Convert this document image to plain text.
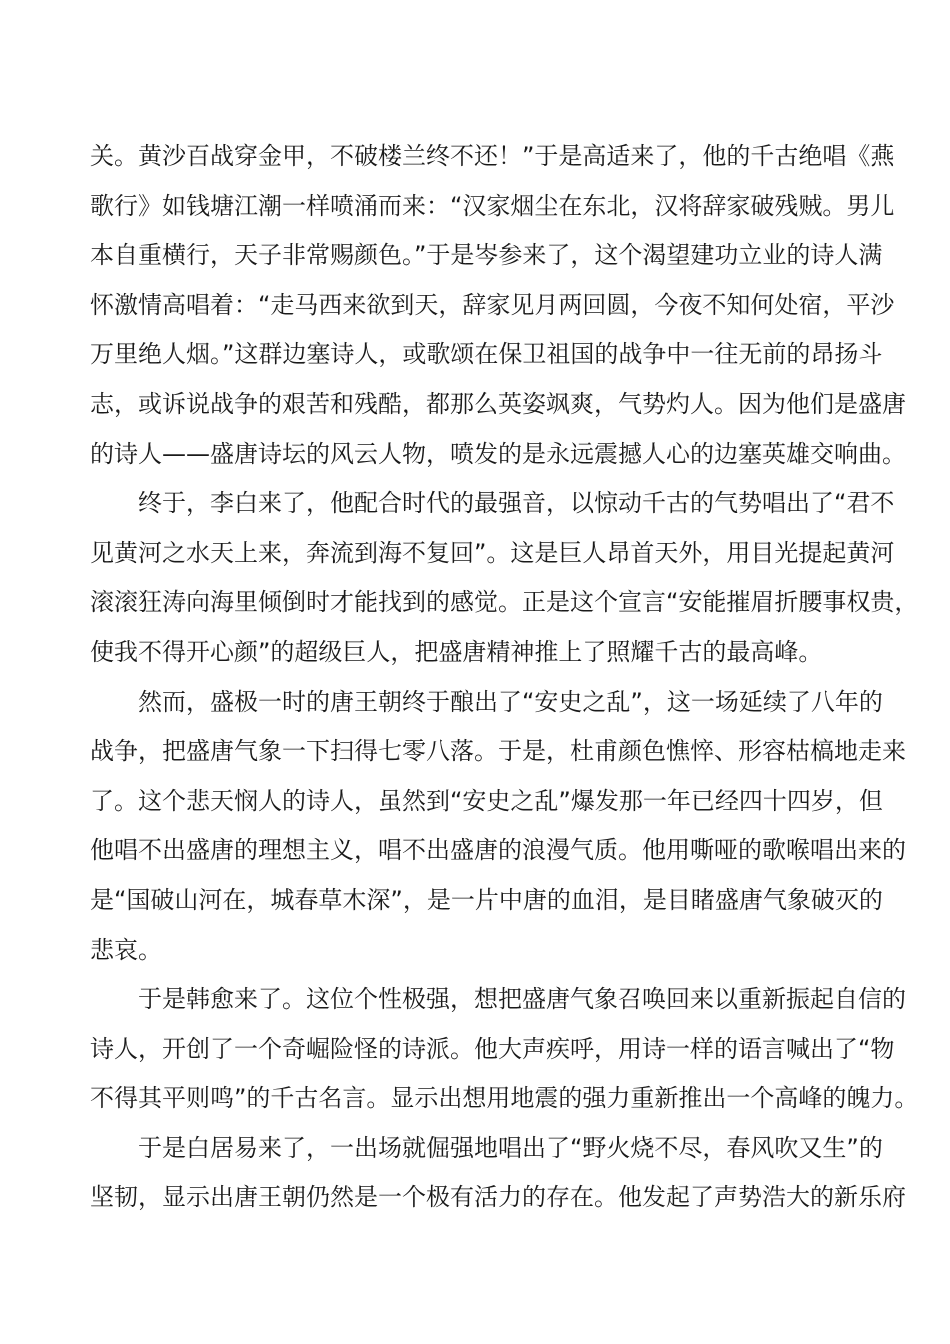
关。黄沙百战穿金甲，不破楼兰终不还！”于是高适来了，他的千古绝唱《燕
歌行》如钱塘江潮一样喷涌而来：“汉家烟尘在东北，汉将辞家破残贼。男儿
本自重横行，天子非常赐颜色。”于是岑参来了，这个渴望建功立业的诗人满
怀激情高唱着：“走马西来欲到天，辞家见月两回圆，今夜不知何处宿，平沙
万里绝人烟。”这群边塞诗人，或歌颂在保卫祖国的战争中一往无前的昂扬斗
志，或诉说战争的艰苦和残酷，都那么英姿飒爽，气势灼人。因为他们是盛唐
的诗人——盛唐诗坛的风云人物，喷发的是永远震撼人心的边塞英雄交响曲。
终于，李白来了，他配合时代的最强音，以惊动千古的气势唱出了“君不
见黄河之水天上来，奔流到海不复回”。这是巨人昂首天外，用目光提起黄河
滚滚狂涛向海里倾倒时才能找到的感觉。正是这个宣言“安能摧眉折腰事权贵，
使我不得开心颜”的超级巨人，把盛唐精神推上了照耀千古的最高峰。
然而，盛极一时的唐王朝终于酿出了“安史之乱”，这一场延续了八年的
战争，把盛唐气象一下扫得七零八落。于是，杜甫颜色憔悴、形容枯槁地走来
了。这个悲天悯人的诗人，虽然到“安史之乱”爆发那一年已经四十四岁，但
他唱不出盛唐的理想主义，唱不出盛唐的浪漫气质。他用嘶哑的歌喉唱出来的
是“国破山河在，城春草木深”，是一片中唐的血泪，是目睹盛唐气象破灭的
悲哀。
于是韩愈来了。这位个性极强，想把盛唐气象召唤回来以重新振起自信的
诗人，开创了一个奇崛险怪的诗派。他大声疾呼，用诗一样的语言喊出了“物
不得其平则鸣”的千古名言。显示出想用地震的强力重新推出一个高峰的魄力。
于是白居易来了，一出场就倔强地唱出了“野火烧不尽，春风吹又生”的
坚韧，显示出唐王朝仍然是一个极有活力的存在。他发起了声势浩大的新乐府
